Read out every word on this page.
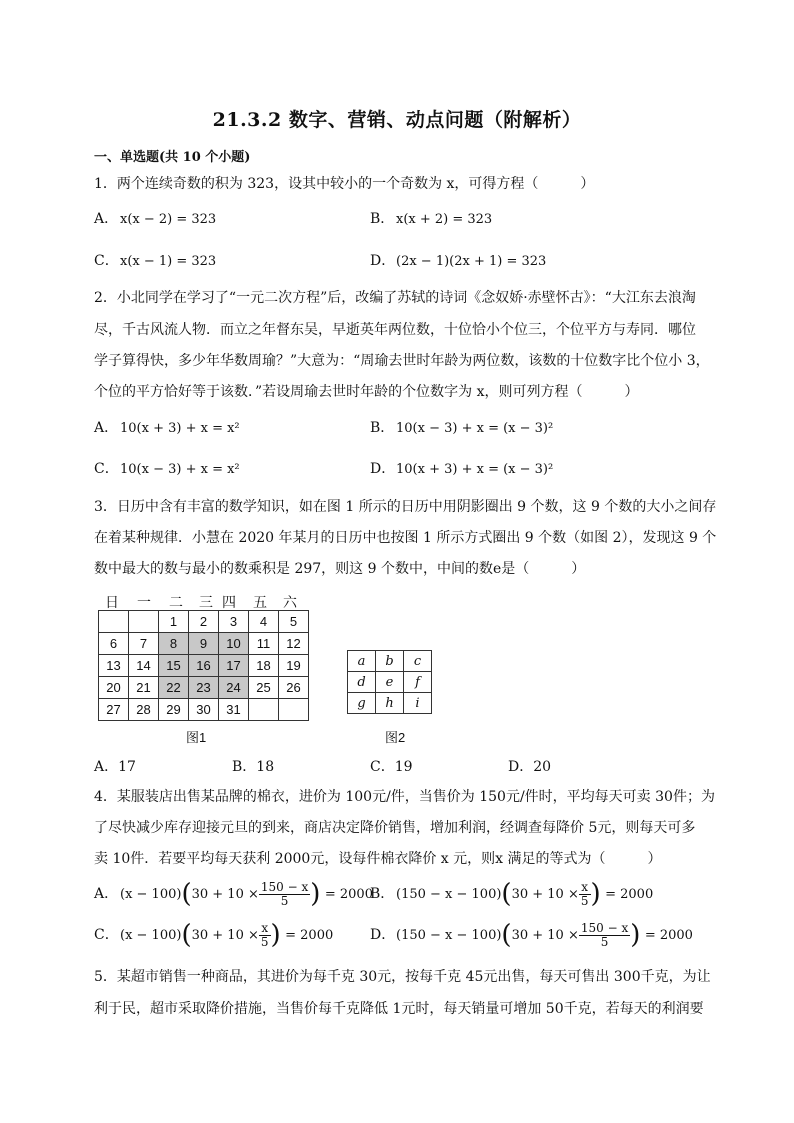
21.3.2 数字、营销、动点问题（附解析）
一、单选题(共 10 个小题)
1．两个连续奇数的积为 323，设其中较小的一个奇数为 x，可得方程（　　　）
A． x(x − 2) = 323	B． x(x + 2) = 323
C．x(x − 1) = 323	D．(2x − 1)(2x + 1) = 323
2．小北同学在学习了“一元二次方程”后，改编了苏轼的诗词《念奴娇·赤壁怀古》：“大江东去浪淘
尽，千古风流人物．而立之年督东吴，早逝英年两位数，十位恰小个位三，个位平方与寿同．哪位
学子算得快，多少年华数周瑜？”大意为：“周瑜去世时年龄为两位数，该数的十位数字比个位小 3，
个位的平方恰好等于该数．”若设周瑜去世时年龄的个位数字为 x，则可列方程（　　　）
A． 10(x + 3) + x = x²	B． 10(x − 3) + x = (x − 3)²
C．10(x − 3) + x = x²	D．10(x + 3) + x = (x − 3)²
3．日历中含有丰富的数学知识，如在图 1 所示的日历中用阴影圈出 9 个数，这 9 个数的大小之间存
在着某种规律．小慧在 2020 年某月的日历中也按图 1 所示方式圈出 9 个数（如图 2），发现这 9 个
数中最大的数与最小的数乘积是 297，则这 9 个数中，中间的数e是（　　　）
日 一 二 三 四 五 六
		1	2	3	4	5
6	7	8	9	10	11	12
13	14	15	16	17	18	19
20	21	22	23	24	25	26
27	28	29	30	31		
a	b	c
d	e	f
g	h	i
图1	图2
A．17	B．18	C．19	D．20
4．某服装店出售某品牌的棉衣，进价为 100元/件，当售价为 150元/件时，平均每天可卖 30件；为
了尽快减少库存迎接元旦的到来，商店决定降价销售，增加利润，经调查每降价 5元，则每天可多
卖 10件．若要平均每天获利 2000元，设每件棉衣降价 x 元，则x 满足的等式为（　　　）
A． $(x - 100)(30 + 10 \times \frac{150 - x}{5}$ ) = 2000
B． $(150 - x - 100)(30 + 10 \times \frac{x}{5}$ ) = 2000
C．$(x - 100)(30 + 10 \times \frac{x}{5}$ ) = 2000	D．$(150 - x - 100)(30 + 10 \times \frac{150 - x}{5}$ ) = 2000
5．某超市销售一种商品，其进价为每千克 30元，按每千克 45元出售，每天可售出 300千克，为让
利于民，超市采取降价措施，当售价每千克降低 1元时，每天销量可增加 50千克，若每天的利润要
